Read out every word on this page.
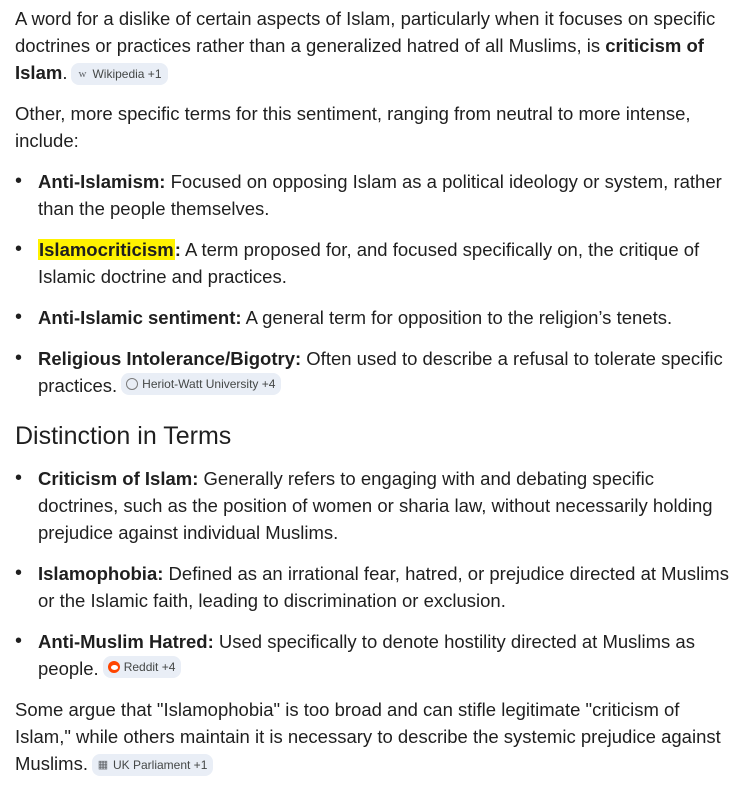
A word for a dislike of certain aspects of Islam, particularly when it focuses on specific doctrines or practices rather than a generalized hatred of all Muslims, is criticism of Islam. w Wikipedia +1

Other, more specific terms for this sentiment, ranging from neutral to more intense, include:

• Anti-Islamism: Focused on opposing Islam as a political ideology or system, rather than the people themselves.
• Islamocriticism: A term proposed for, and focused specifically on, the critique of Islamic doctrine and practices.
• Anti-Islamic sentiment: A general term for opposition to the religion’s tenets.
• Religious Intolerance/Bigotry: Often used to describe a refusal to tolerate specific practices. Heriot-Watt University +4
Distinction in Terms
• Criticism of Islam: Generally refers to engaging with and debating specific doctrines, such as the position of women or sharia law, without necessarily holding prejudice against individual Muslims.
• Islamophobia: Defined as an irrational fear, hatred, or prejudice directed at Muslims or the Islamic faith, leading to discrimination or exclusion.
• Anti-Muslim Hatred: Used specifically to denote hostility directed at Muslims as people. Reddit +4

Some argue that "Islamophobia" is too broad and can stifle legitimate "criticism of Islam," while others maintain it is necessary to describe the systemic prejudice against Muslims. ▦ UK Parliament +1
